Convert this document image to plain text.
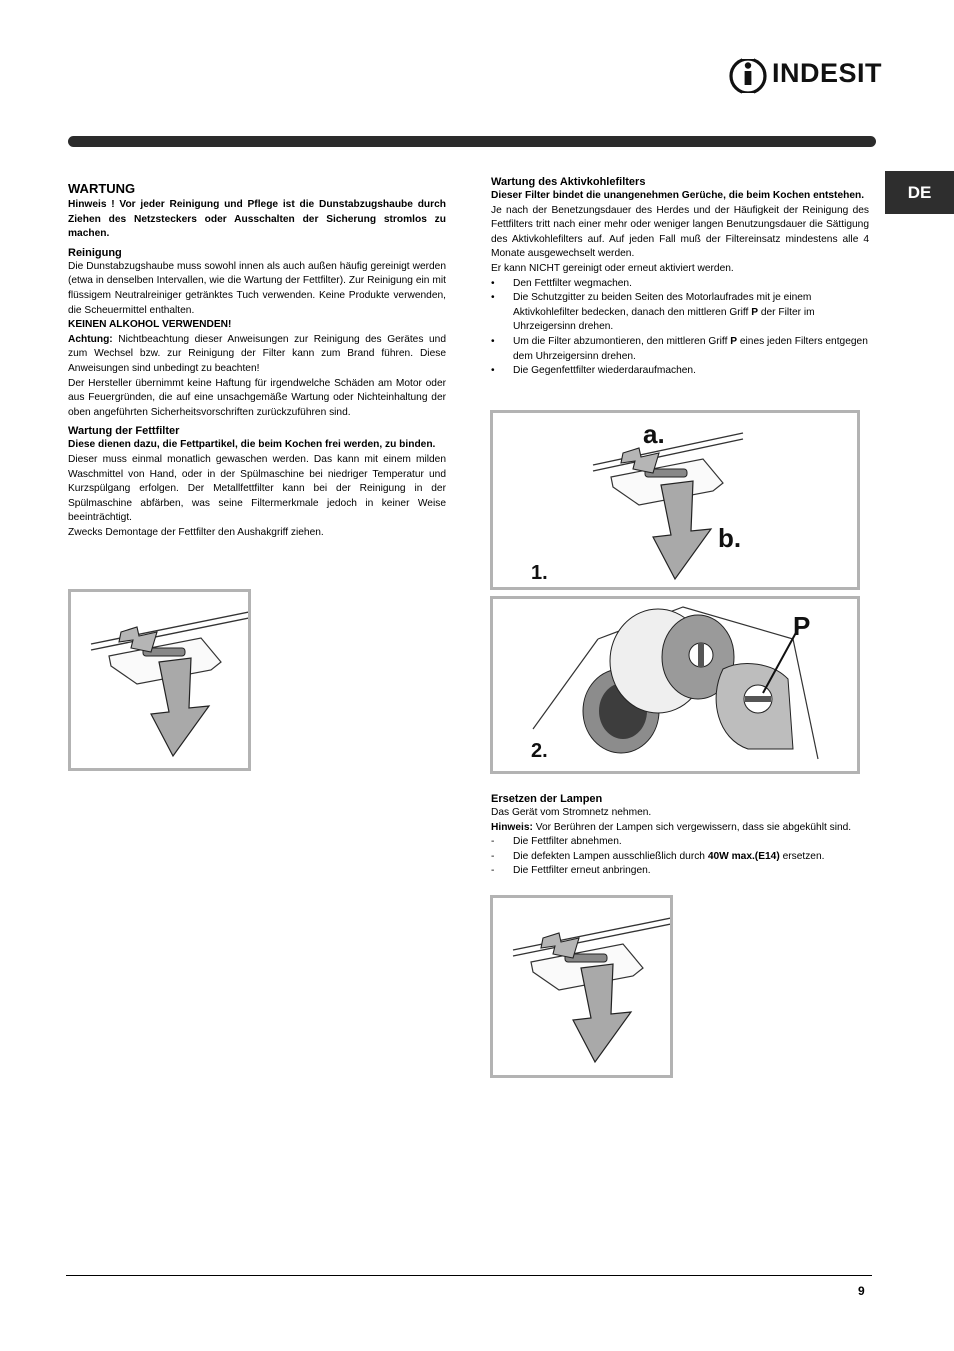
INDESIT
DE

WARTUNG

Hinweis ! Vor jeder Reinigung und Pflege ist die Dunstabzugshaube durch Ziehen des Netzsteckers oder Ausschalten der Sicherung stromlos zu machen.

Reinigung

Die Dunstabzugshaube muss sowohl innen als auch außen häufig gereinigt werden (etwa in denselben Intervallen, wie die Wartung der Fettfilter). Zur Reinigung ein mit flüssigem Neutralreiniger getränktes Tuch verwenden. Keine Produkte verwenden, die Scheuermittel enthalten.

KEINEN ALKOHOL VERWENDEN!

Achtung: Nichtbeachtung dieser Anweisungen zur Reinigung des Gerätes und zum Wechsel bzw. zur Reinigung der Filter kann zum Brand führen. Diese Anweisungen sind unbedingt zu beachten!

Der Hersteller übernimmt keine Haftung für irgendwelche Schäden am Motor oder aus Feuergründen, die auf eine unsachgemäße Wartung oder Nichteinhaltung der oben angeführten Sicherheitsvorschriften zurückzuführen sind.

Wartung der Fettfilter

Diese dienen dazu, die Fettpartikel, die beim Kochen frei werden, zu binden.

Dieser muss einmal monatlich gewaschen werden. Das kann mit einem milden Waschmittel von Hand, oder in der Spülmaschine bei niedriger Temperatur und Kurzspülgang erfolgen. Der Metallfettfilter kann bei der Reinigung in der Spülmaschine abfärben, was seine Filtermerkmale jedoch in keiner Weise beeinträchtigt.

Zwecks Demontage der Fettfilter den Aushakgriff ziehen.

Wartung des Aktivkohlefilters

Dieser Filter bindet die unangenehmen Gerüche, die beim Kochen entstehen.

Je nach der Benetzungsdauer des Herdes und der Häufigkeit der Reinigung des Fettfilters tritt nach einer mehr oder weniger langen Benutzungsdauer die Sättigung des Aktivkohlefilters auf. Auf jeden Fall muß der Filtereinsatz mindestens alle 4 Monate ausgewechselt werden.

Er kann NICHT gereinigt oder erneut aktiviert werden.

• Den Fettfilter wegmachen.
• Die Schutzgitter zu beiden Seiten des Motorlaufrades mit je einem Aktivkohlefilter bedecken, danach den mittleren Griff P der Filter im Uhrzeigersinn drehen.
• Um die Filter abzumontieren, den mittleren Griff P eines jeden Filters entgegen dem Uhrzeigersinn drehen.
• Die Gegenfettfilter wiederdaraufmachen.
a.
b.
1.
P
2.

Ersetzen der Lampen

Das Gerät vom Stromnetz nehmen.

Hinweis: Vor Berühren der Lampen sich vergewissern, dass sie abgekühlt sind.

- Die Fettfilter abnehmen.
- Die defekten Lampen ausschließlich durch 40W max.(E14) ersetzen.
- Die Fettfilter erneut anbringen.
9
